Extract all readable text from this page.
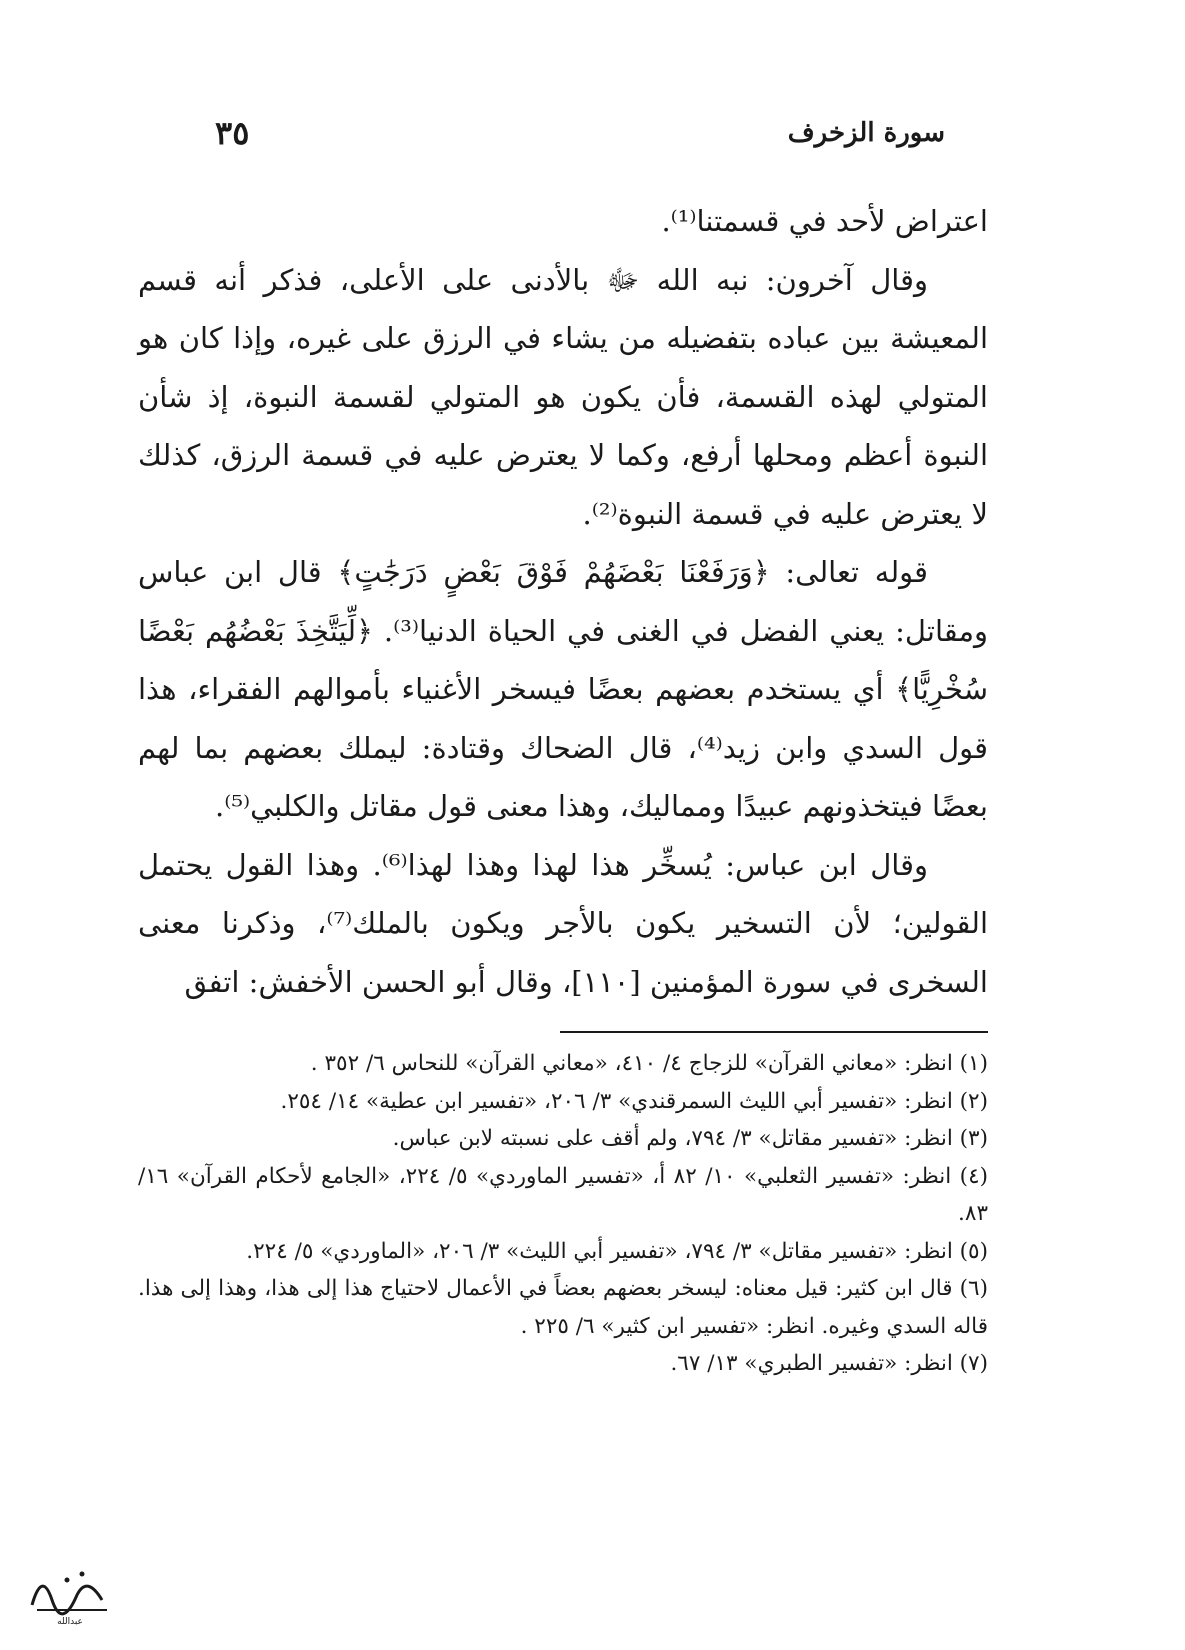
سورة الزخرف
٣٥

اعتراض لأحد في قسمتنا⁽¹⁾.

وقال آخرون: نبه الله ﷻ بالأدنى على الأعلى، فذكر أنه قسم المعيشة بين عباده بتفضيله من يشاء في الرزق على غيره، وإذا كان هو المتولي لهذه القسمة، فأن يكون هو المتولي لقسمة النبوة، إذ شأن النبوة أعظم ومحلها أرفع، وكما لا يعترض عليه في قسمة الرزق، كذلك لا يعترض عليه في قسمة النبوة⁽²⁾.

قوله تعالى: ﴿وَرَفَعْنَا بَعْضَهُمْ فَوْقَ بَعْضٍ دَرَجَٰتٍ﴾ قال ابن عباس ومقاتل: يعني الفضل في الغنى في الحياة الدنيا⁽³⁾. ﴿لِّيَتَّخِذَ بَعْضُهُم بَعْضًا سُخْرِيًّا﴾ أي يستخدم بعضهم بعضًا فيسخر الأغنياء بأموالهم الفقراء، هذا قول السدي وابن زيد⁽⁴⁾، قال الضحاك وقتادة: ليملك بعضهم بما لهم بعضًا فيتخذونهم عبيدًا ومماليك، وهذا معنى قول مقاتل والكلبي⁽⁵⁾.

وقال ابن عباس: يُسخِّر هذا لهذا وهذا لهذا⁽⁶⁾. وهذا القول يحتمل القولين؛ لأن التسخير يكون بالأجر ويكون بالملك⁽⁷⁾، وذكرنا معنى السخرى في سورة المؤمنين [١١٠]، وقال أبو الحسن الأخفش: اتفق

(١) انظر: «معاني القرآن» للزجاج ٤/ ٤١٠، «معاني القرآن» للنحاس ٦/ ٣٥٢ .

(٢) انظر: «تفسير أبي الليث السمرقندي» ٣/ ٢٠٦، «تفسير ابن عطية» ١٤/ ٢٥٤.

(٣) انظر: «تفسير مقاتل» ٣/ ٧٩٤، ولم أقف على نسبته لابن عباس.

(٤) انظر: «تفسير الثعلبي» ١٠/ ٨٢ أ، «تفسير الماوردي» ٥/ ٢٢٤، «الجامع لأحكام القرآن» ١٦/ ٨٣.

(٥) انظر: «تفسير مقاتل» ٣/ ٧٩٤، «تفسير أبي الليث» ٣/ ٢٠٦، «الماوردي» ٥/ ٢٢٤.

(٦) قال ابن كثير: قيل معناه: ليسخر بعضهم بعضاً في الأعمال لاحتياج هذا إلى هذا، وهذا إلى هذا. قاله السدي وغيره. انظر: «تفسير ابن كثير» ٦/ ٢٢٥ .

(٧) انظر: «تفسير الطبري» ١٣/ ٦٧.

عبدالله
